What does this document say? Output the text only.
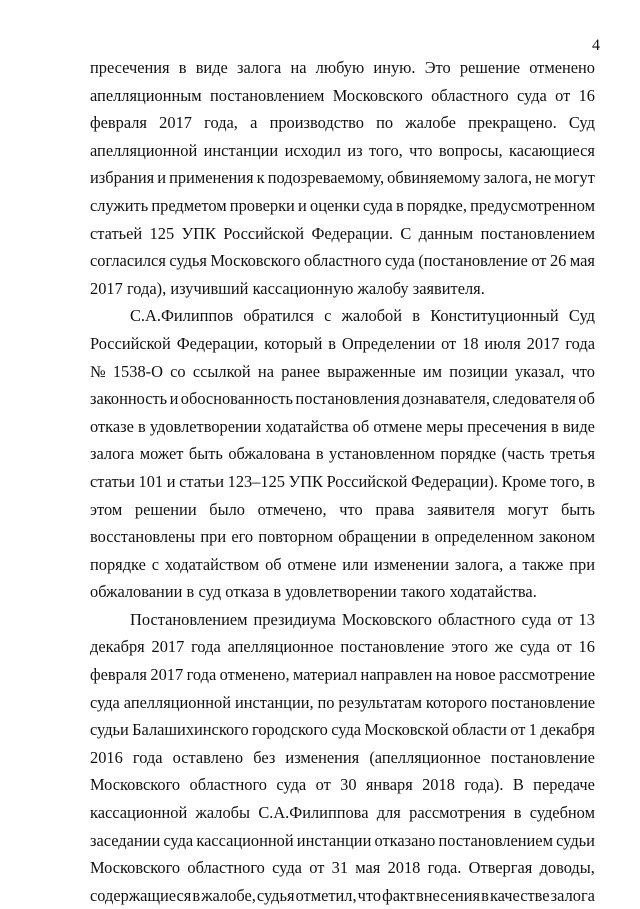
4
пресечения в виде залога на любую иную. Это решение отменено
апелляционным постановлением Московского областного суда от 16
февраля 2017 года, а производство по жалобе прекращено. Суд
апелляционной инстанции исходил из того, что вопросы, касающиеся
избрания и применения к подозреваемому, обвиняемому залога, не могут
служить предметом проверки и оценки суда в порядке, предусмотренном
статьей 125 УПК Российской Федерации. С данным постановлением
согласился судья Московского областного суда (постановление от 26 мая
2017 года), изучивший кассационную жалобу заявителя.
С.А.Филиппов обратился с жалобой в Конституционный Суд
Российской Федерации, который в Определении от 18 июля 2017 года
№ 1538-О со ссылкой на ранее выраженные им позиции указал, что
законность и обоснованность постановления дознавателя, следователя об
отказе в удовлетворении ходатайства об отмене меры пресечения в виде
залога может быть обжалована в установленном порядке (часть третья
статьи 101 и статьи 123–125 УПК Российской Федерации). Кроме того, в
этом решении было отмечено, что права заявителя могут быть
восстановлены при его повторном обращении в определенном законом
порядке с ходатайством об отмене или изменении залога, а также при
обжаловании в суд отказа в удовлетворении такого ходатайства.
Постановлением президиума Московского областного суда от 13
декабря 2017 года апелляционное постановление этого же суда от 16
февраля 2017 года отменено, материал направлен на новое рассмотрение
суда апелляционной инстанции, по результатам которого постановление
судьи Балашихинского городского суда Московской области от 1 декабря
2016 года оставлено без изменения (апелляционное постановление
Московского областного суда от 30 января 2018 года). В передаче
кассационной жалобы С.А.Филиппова для рассмотрения в судебном
заседании суда кассационной инстанции отказано постановлением судьи
Московского областного суда от 31 мая 2018 года. Отвергая доводы,
содержащиеся в жалобе, судья отметил, что факт внесения в качестве залога
